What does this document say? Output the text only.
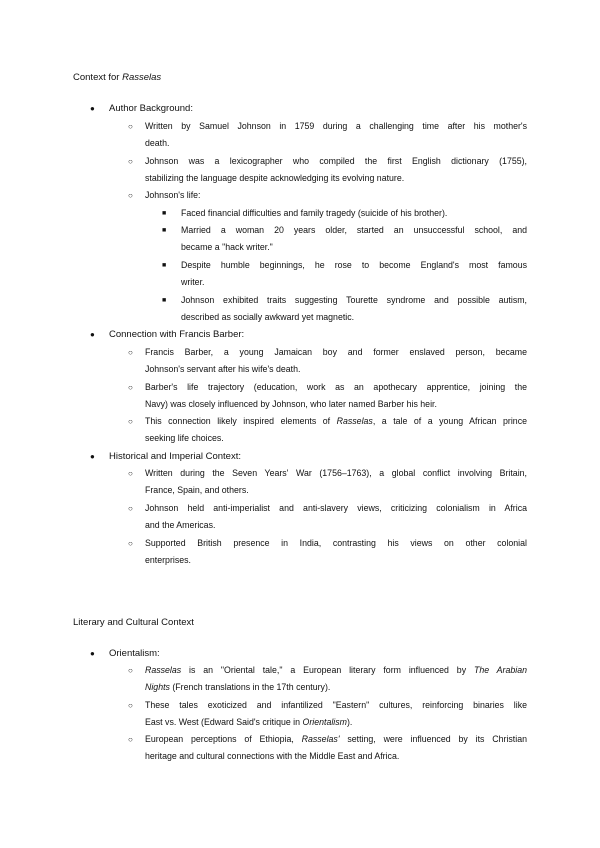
Context for Rasselas
●	Author Background:
○ Written by Samuel Johnson in 1759 during a challenging time after his mother's
death.
○ Johnson was a lexicographer who compiled the first English dictionary (1755),
stabilizing the language despite acknowledging its evolving nature.
○ Johnson's life:
■ Faced financial difficulties and family tragedy (suicide of his brother).
■ Married a woman 20 years older, started an unsuccessful school, and
became a "hack writer."
■ Despite humble beginnings, he rose to become England's most famous
writer.
■ Johnson exhibited traits suggesting Tourette syndrome and possible autism,
described as socially awkward yet magnetic.
●	Connection with Francis Barber:
○ Francis Barber, a young Jamaican boy and former enslaved person, became
Johnson's servant after his wife's death.
○ Barber's life trajectory (education, work as an apothecary apprentice, joining the
Navy) was closely influenced by Johnson, who later named Barber his heir.
○ This connection likely inspired elements of Rasselas, a tale of a young African prince
seeking life choices.
●	Historical and Imperial Context:
○ Written during the Seven Years' War (1756–1763), a global conflict involving Britain,
France, Spain, and others.
○ Johnson held anti-imperialist and anti-slavery views, criticizing colonialism in Africa
and the Americas.
○ Supported British presence in India, contrasting his views on other colonial
enterprises.
Literary and Cultural Context
●	Orientalism:
○ Rasselas is an "Oriental tale," a European literary form influenced by The Arabian
Nights (French translations in the 17th century).
○ These tales exoticized and infantilized "Eastern" cultures, reinforcing binaries like
East vs. West (Edward Said's critique in Orientalism).
○ European perceptions of Ethiopia, Rasselas' setting, were influenced by its Christian
heritage and cultural connections with the Middle East and Africa.
